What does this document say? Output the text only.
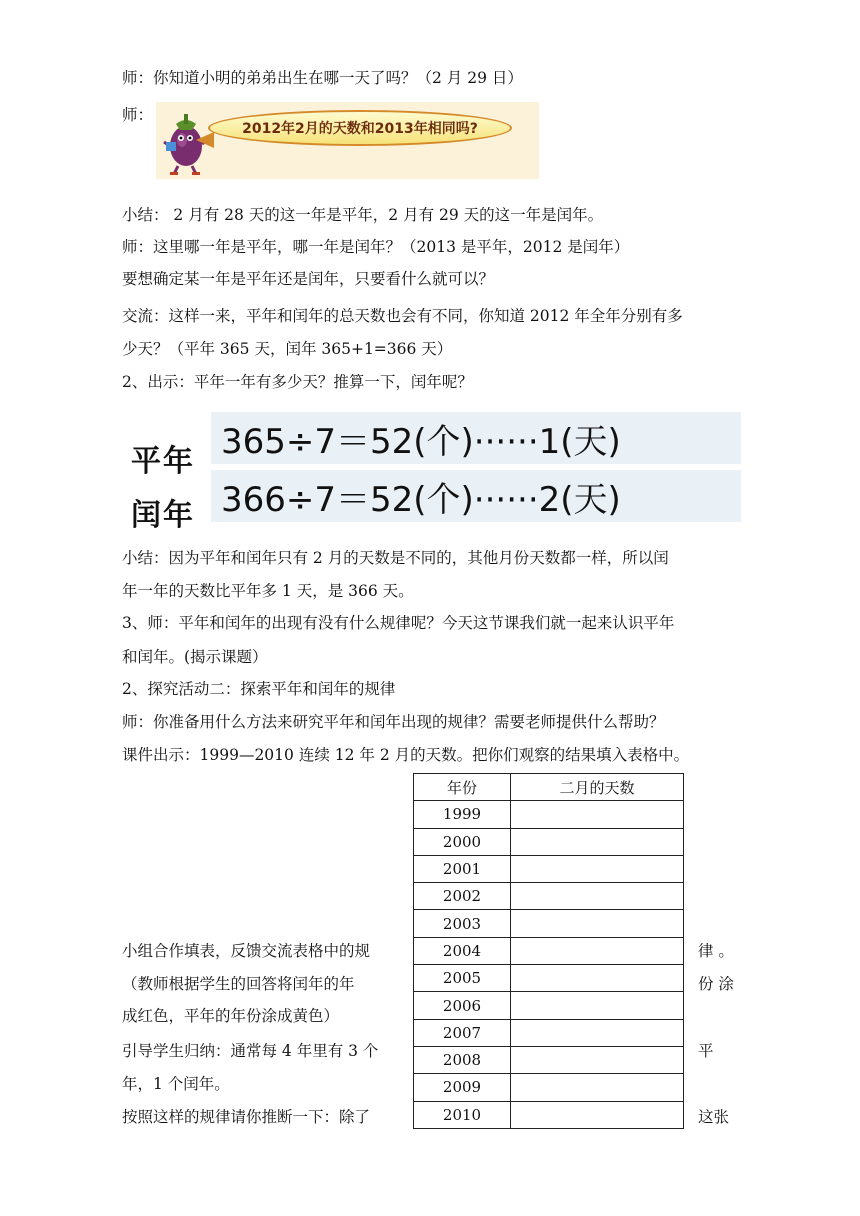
师：你知道小明的弟弟出生在哪一天了吗？（2 月 29 日）
师：
2012年2月的天数和2013年相同吗?
小结： 2 月有 28 天的这一年是平年，2 月有 29 天的这一年是闰年。
师：这里哪一年是平年，哪一年是闰年？（2013 是平年，2012 是闰年）
要想确定某一年是平年还是闰年，只要看什么就可以？
交流：这样一来，平年和闰年的总天数也会有不同，你知道 2012 年全年分别有多
少天？（平年 365 天，闰年 365+1=366 天）
2、出示：平年一年有多少天？推算一下，闰年呢？
平年 365÷7＝52(个)······1(天)
闰年 366÷7＝52(个)······2(天)
小结：因为平年和闰年只有 2 月的天数是不同的，其他月份天数都一样，所以闰
年一年的天数比平年多 1 天，是 366 天。
3、师：平年和闰年的出现有没有什么规律呢？今天这节课我们就一起来认识平年
和闰年。(揭示课题）
2、探究活动二：探索平年和闰年的规律
师：你准备用什么方法来研究平年和闰年出现的规律？需要老师提供什么帮助？
课件出示：1999—2010 连续 12 年 2 月的天数。把你们观察的结果填入表格中。
年份	二月的天数
1999	
2000	
2001	
2002	
2003	
2004	
2005	
2006	
2007	
2008	
2009	
2010	
小组合作填表，反馈交流表格中的规
（教师根据学生的回答将闰年的年
成红色，平年的年份涂成黄色）
引导学生归纳：通常每 4 年里有 3 个
年，1 个闰年。
按照这样的规律请你推断一下：除了
律 。
份 涂
平
这张
